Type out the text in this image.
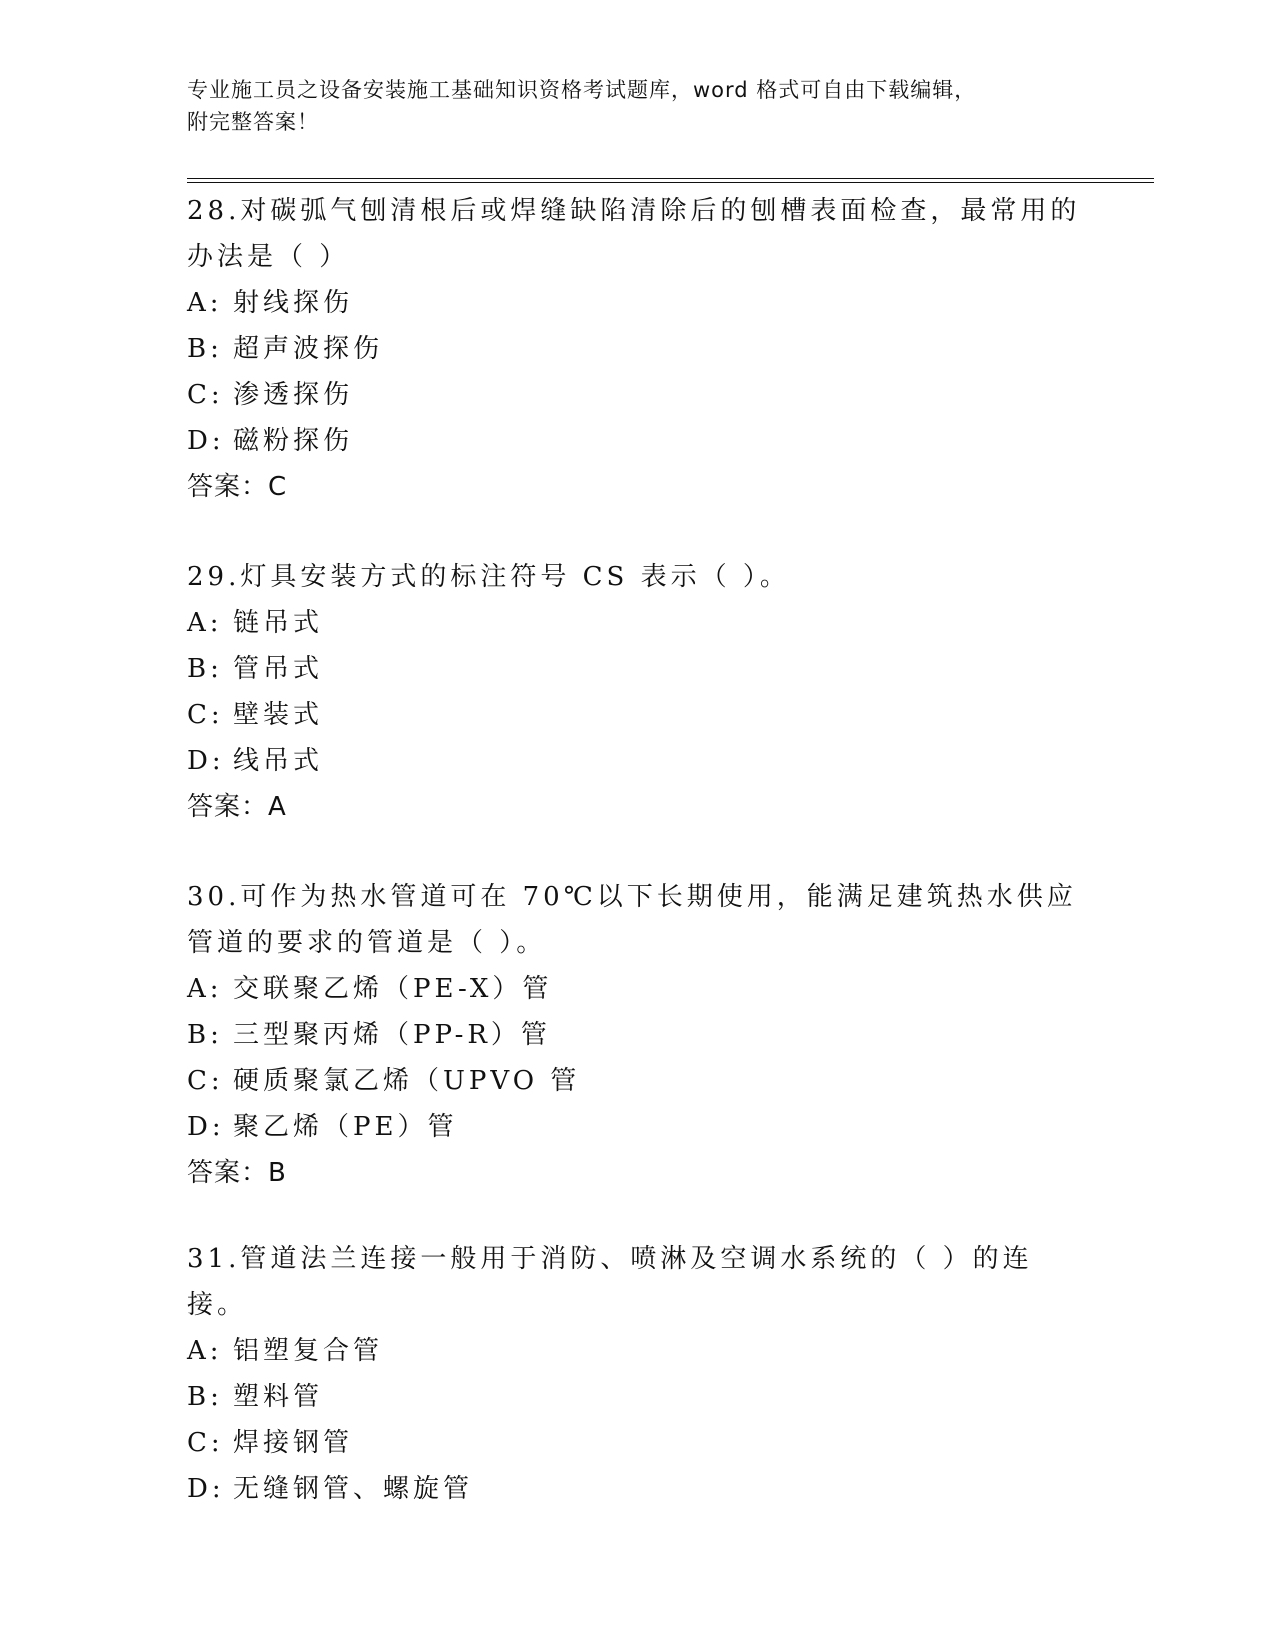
专业施工员之设备安装施工基础知识资格考试题库，word 格式可自由下载编辑，
附完整答案！
28.对碳弧气刨清根后或焊缝缺陷清除后的刨槽表面检查，最常用的办法是（ ）
A: 射线探伤
B: 超声波探伤
C: 渗透探伤
D: 磁粉探伤
答案：C
29.灯具安装方式的标注符号 CS 表示（ ）。
A: 链吊式
B: 管吊式
C: 壁装式
D: 线吊式
答案：A
30.可作为热水管道可在 70℃以下长期使用，能满足建筑热水供应管道的要求的管道是（ ）。
A: 交联聚乙烯（PE-X）管
B: 三型聚丙烯（PP-R）管
C: 硬质聚氯乙烯（UPVO 管
D: 聚乙烯（PE）管
答案：B
31.管道法兰连接一般用于消防、喷淋及空调水系统的（ ）的连接。
A: 铝塑复合管
B: 塑料管
C: 焊接钢管
D: 无缝钢管、螺旋管
